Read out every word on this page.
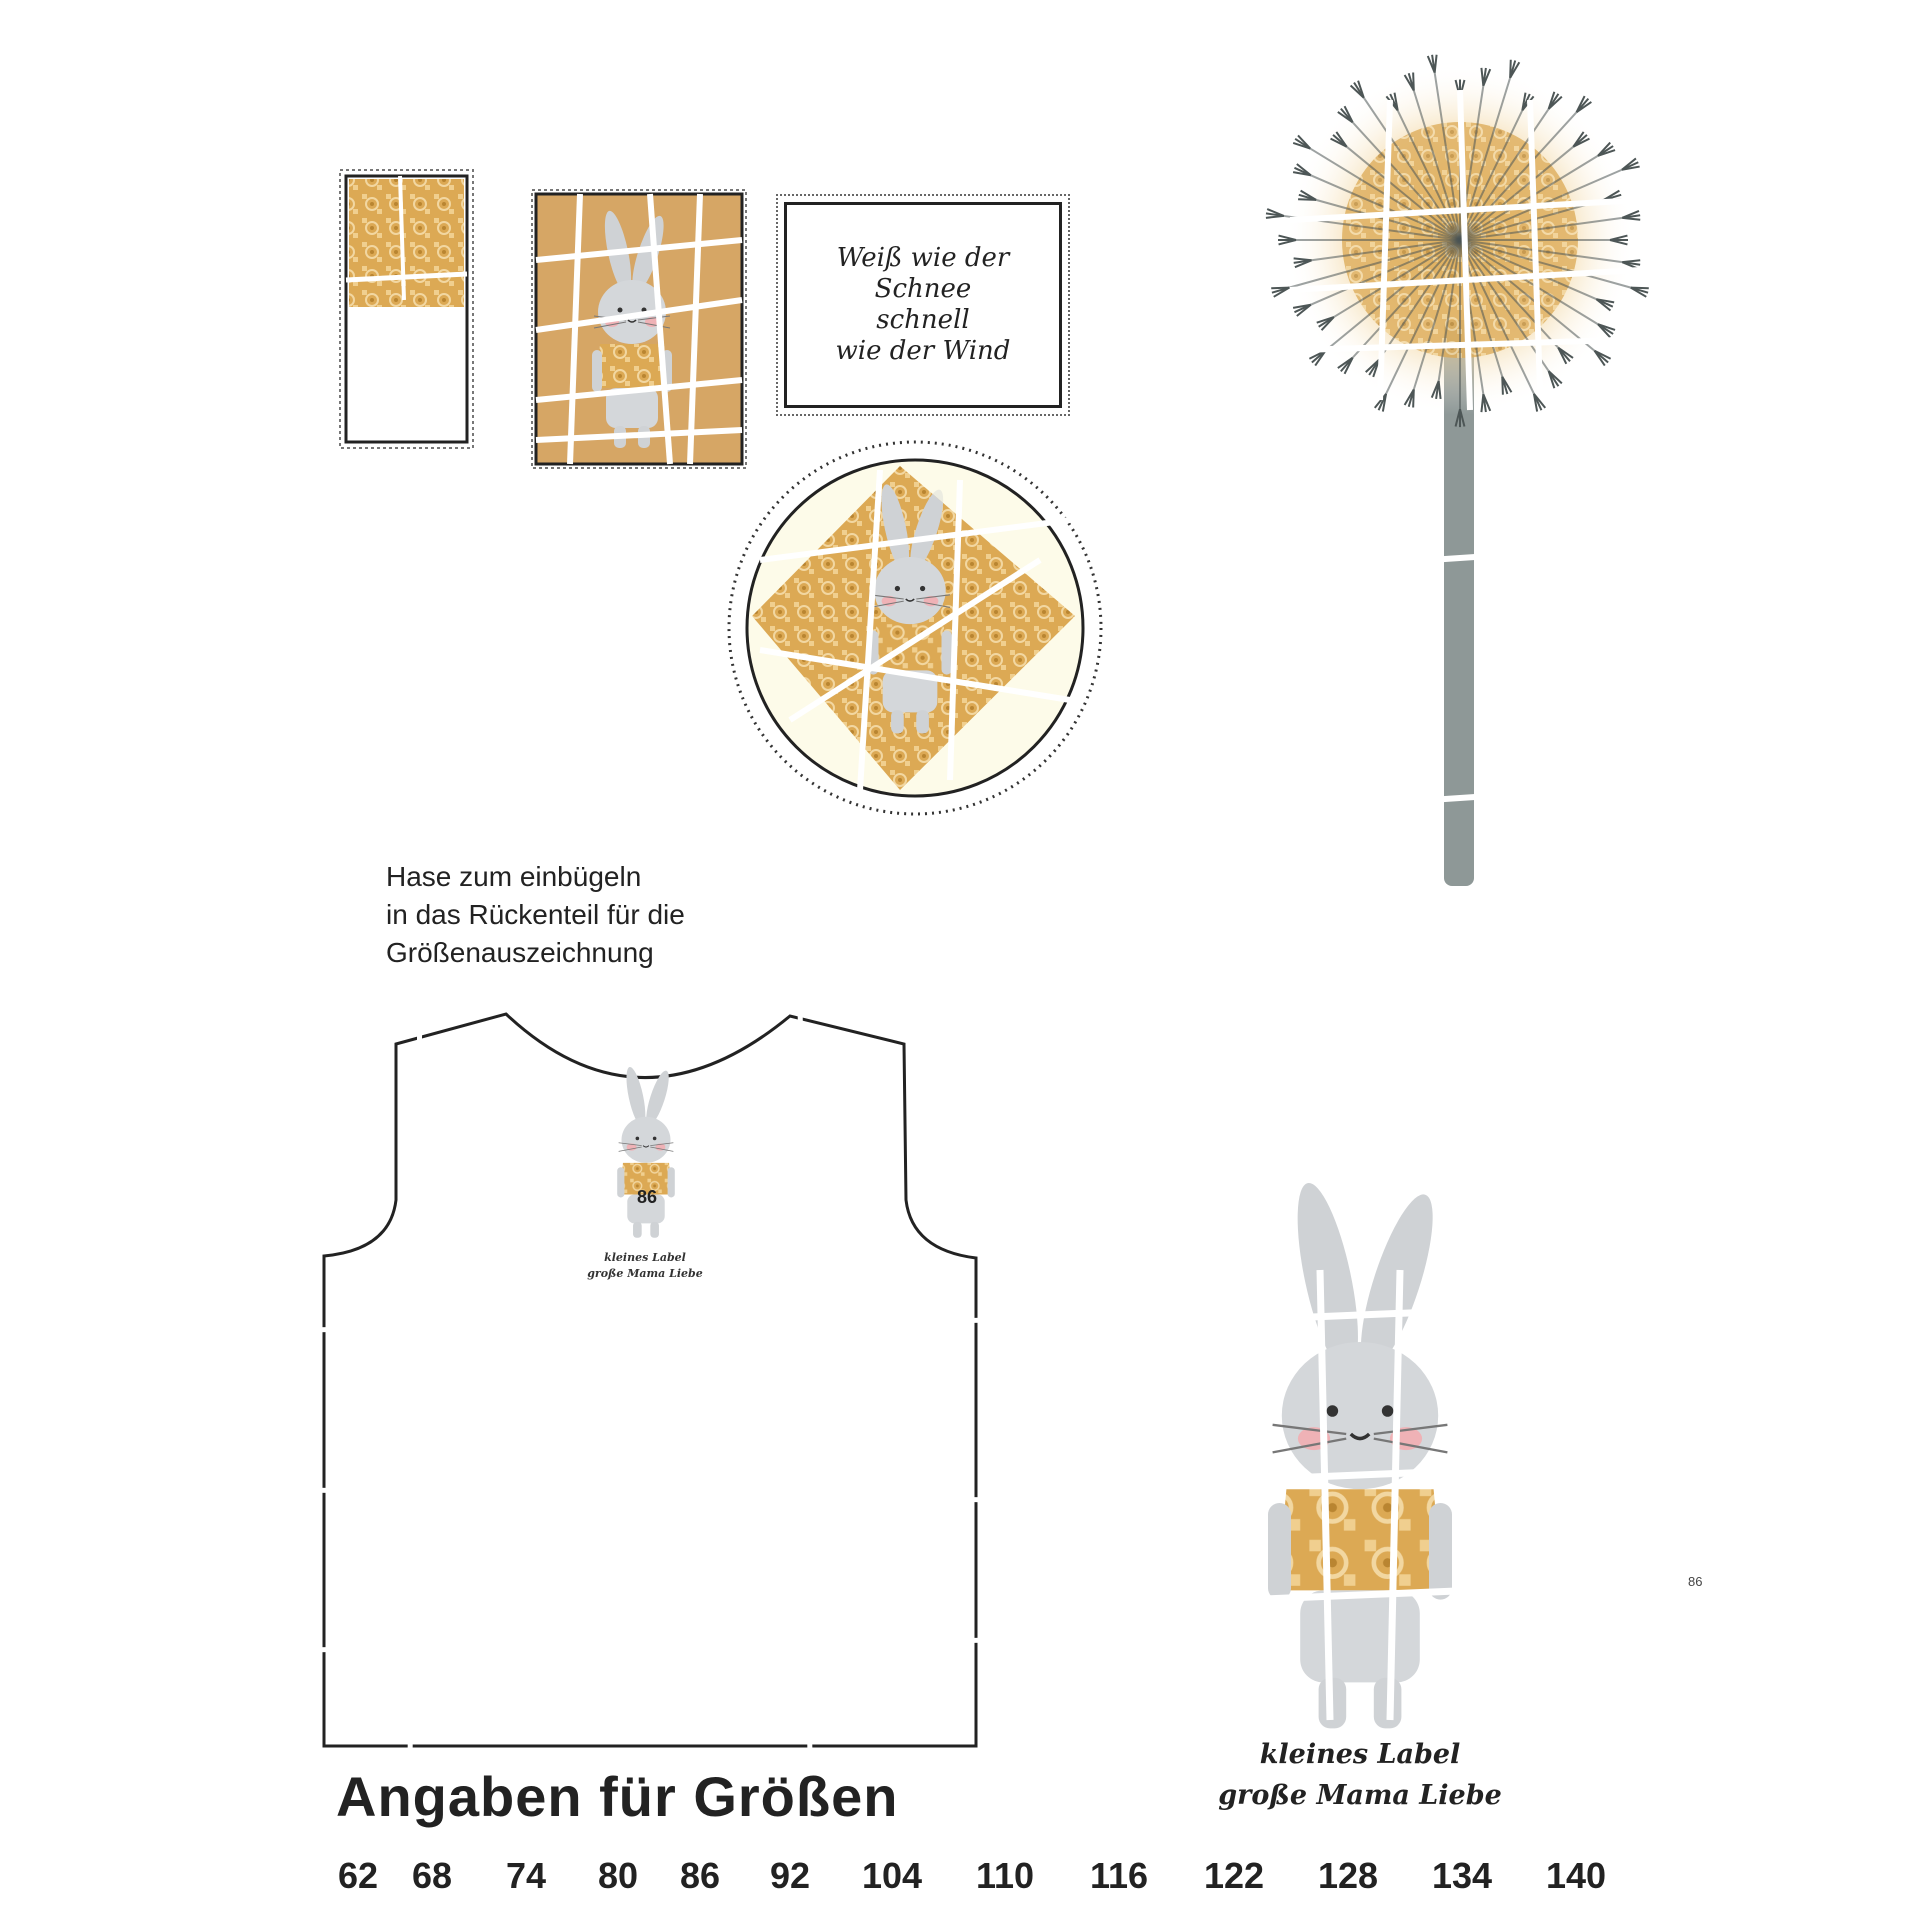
Weiß wie der Schnee
schnell
wie der Wind
Hase zum einbügeln
in das Rückenteil für die
Größenauszeichnung
86
kleines Label
große Mama Liebe
kleines Label
große Mama Liebe
86
Angaben für Größen
62 68 74 80 86 92 104 110 116 122 128 134 140
